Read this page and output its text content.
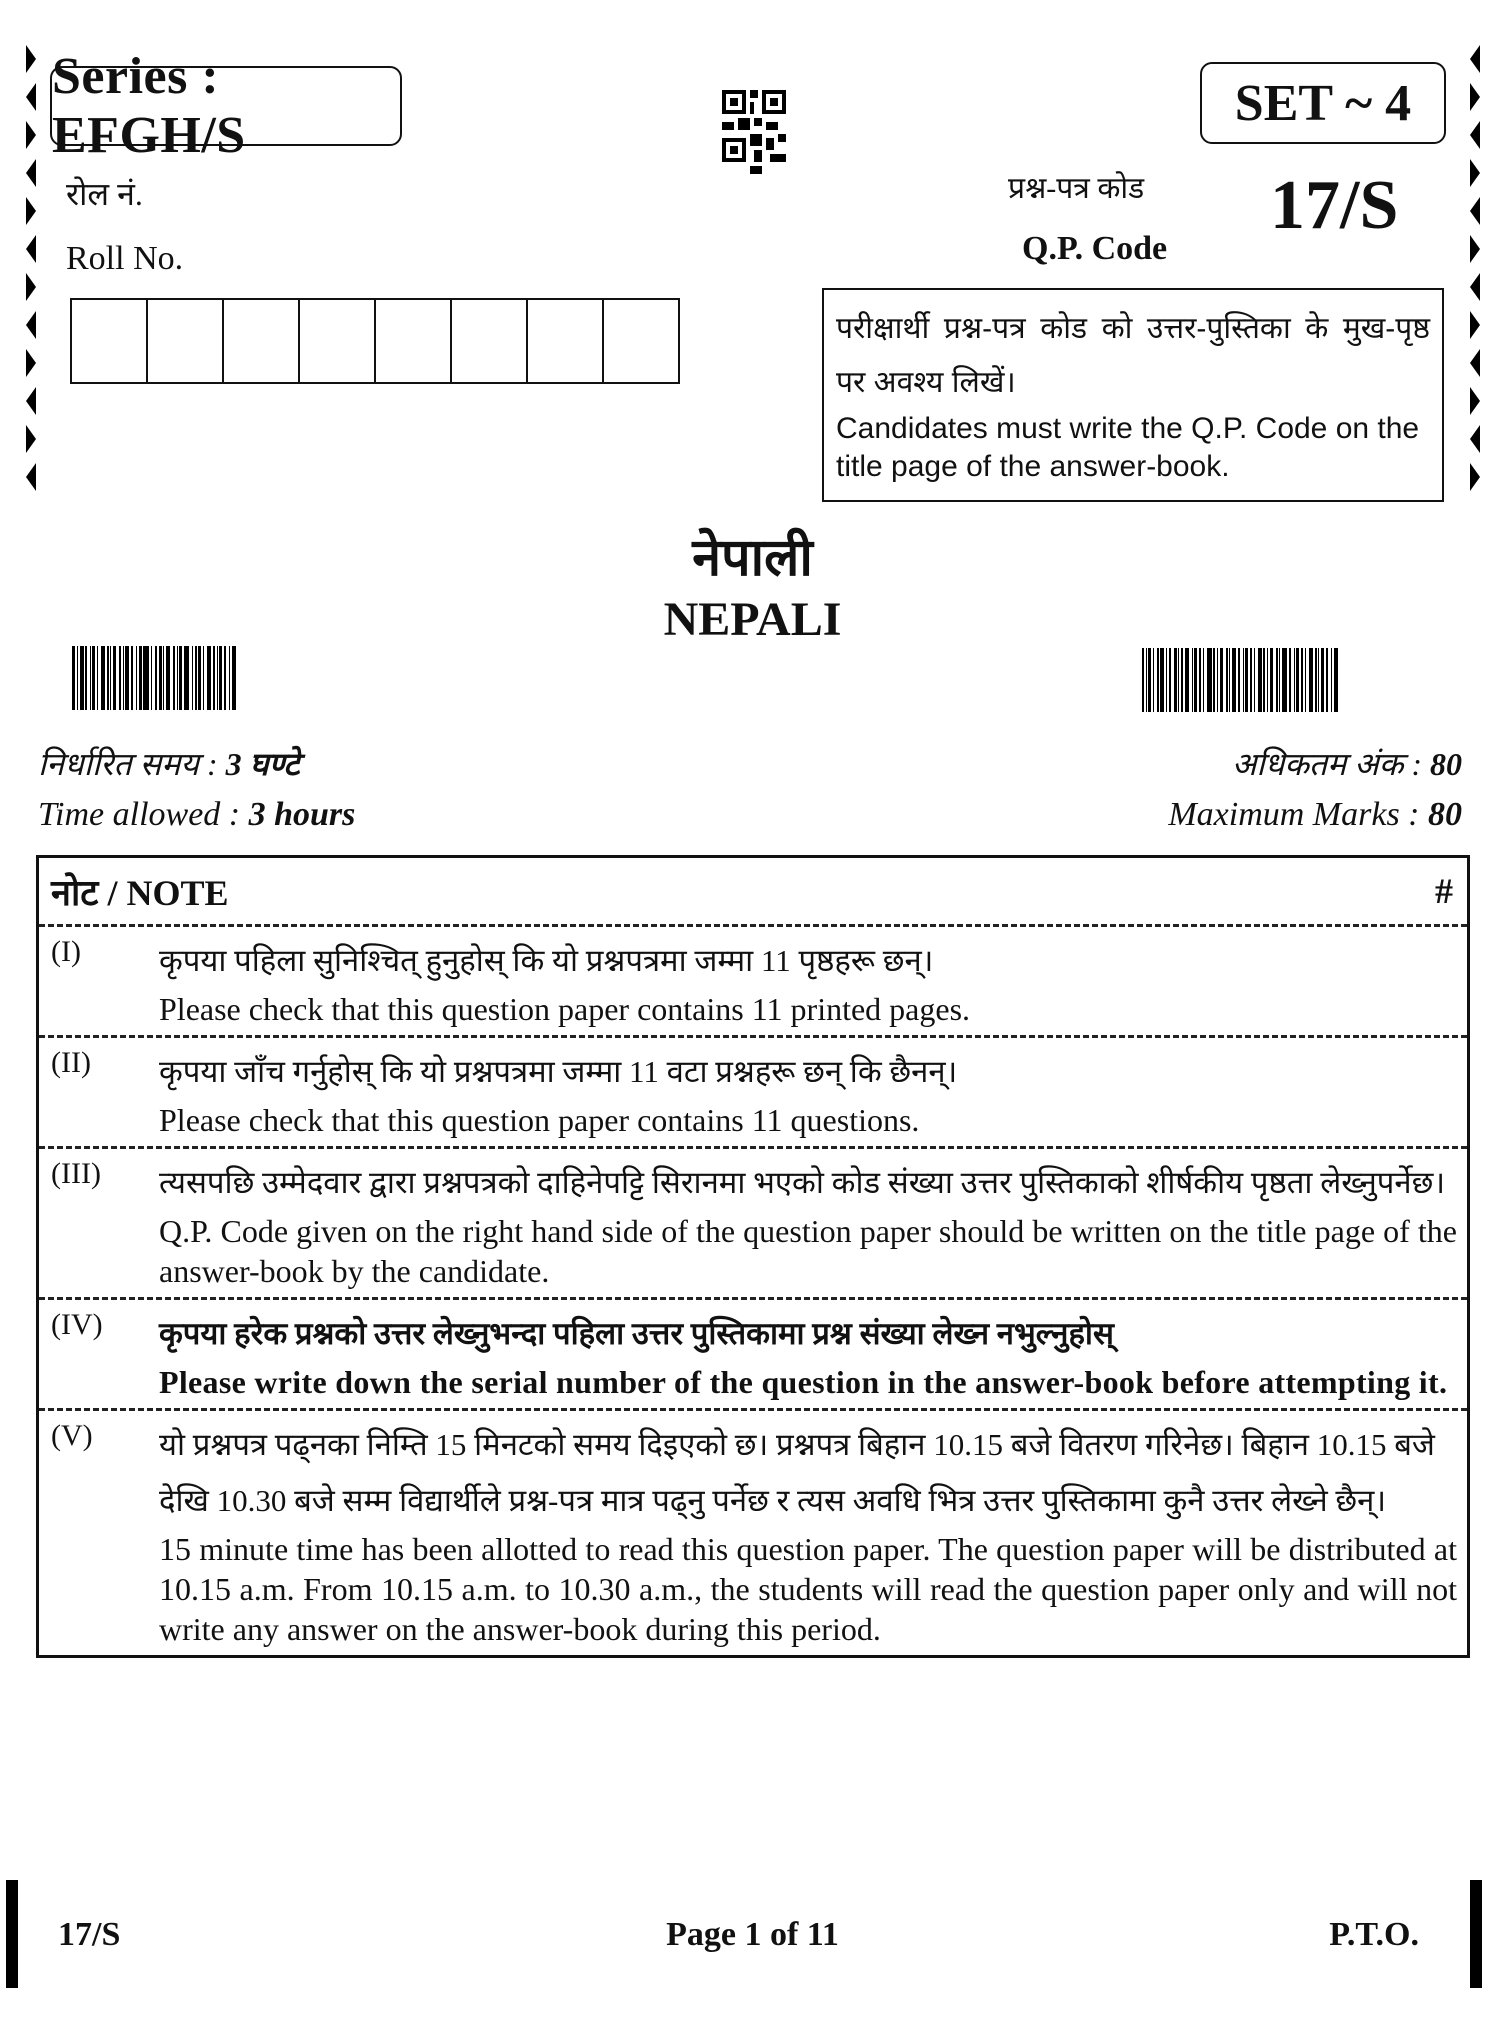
Series : EFGH/S
SET ~ 4
रोल नं.
Roll No.
प्रश्न-पत्र कोड 17/S
Q.P. Code
परीक्षार्थी प्रश्न-पत्र कोड को उत्तर-पुस्तिका के मुख-पृष्ठ पर अवश्य लिखें।
Candidates must write the Q.P. Code on the title page of the answer-book.
नेपाली
NEPALI
निर्धारित समय : 3 घण्टे
Time allowed : 3 hours
अधिकतम अंक : 80
Maximum Marks : 80
नोट / NOTE	#
(I)	कृपया पहिला सुनिश्चित् हुनुहोस् कि यो प्रश्नपत्रमा जम्मा 11 पृष्ठहरू छन्।
Please check that this question paper contains 11 printed pages.
(II)	कृपया जाँच गर्नुहोस् कि यो प्रश्नपत्रमा जम्मा 11 वटा प्रश्नहरू छन् कि छैनन्।
Please check that this question paper contains 11 questions.
(III)	त्यसपछि उम्मेदवार द्वारा प्रश्नपत्रको दाहिनेपट्टि सिरानमा भएको कोड संख्या उत्तर पुस्तिकाको शीर्षकीय पृष्ठता लेख्नुपर्नेछ।
Q.P. Code given on the right hand side of the question paper should be written on the title page of the answer-book by the candidate.
(IV)	कृपया हरेक प्रश्नको उत्तर लेख्नुभन्दा पहिला उत्तर पुस्तिकामा प्रश्न संख्या लेख्न नभुल्नुहोस्
Please write down the serial number of the question in the answer-book before attempting it.
(V)	यो प्रश्नपत्र पढ्नका निम्ति 15 मिनटको समय दिइएको छ। प्रश्नपत्र बिहान 10.15 बजे वितरण गरिनेछ। बिहान 10.15 बजे देखि 10.30 बजे सम्म विद्यार्थीले प्रश्न-पत्र मात्र पढ्नु पर्नेछ र त्यस अवधि भित्र उत्तर पुस्तिकामा कुनै उत्तर लेख्ने छैन्।
15 minute time has been allotted to read this question paper. The question paper will be distributed at 10.15 a.m. From 10.15 a.m. to 10.30 a.m., the students will read the question paper only and will not write any answer on the answer-book during this period.
17/S	Page 1 of 11	P.T.O.
